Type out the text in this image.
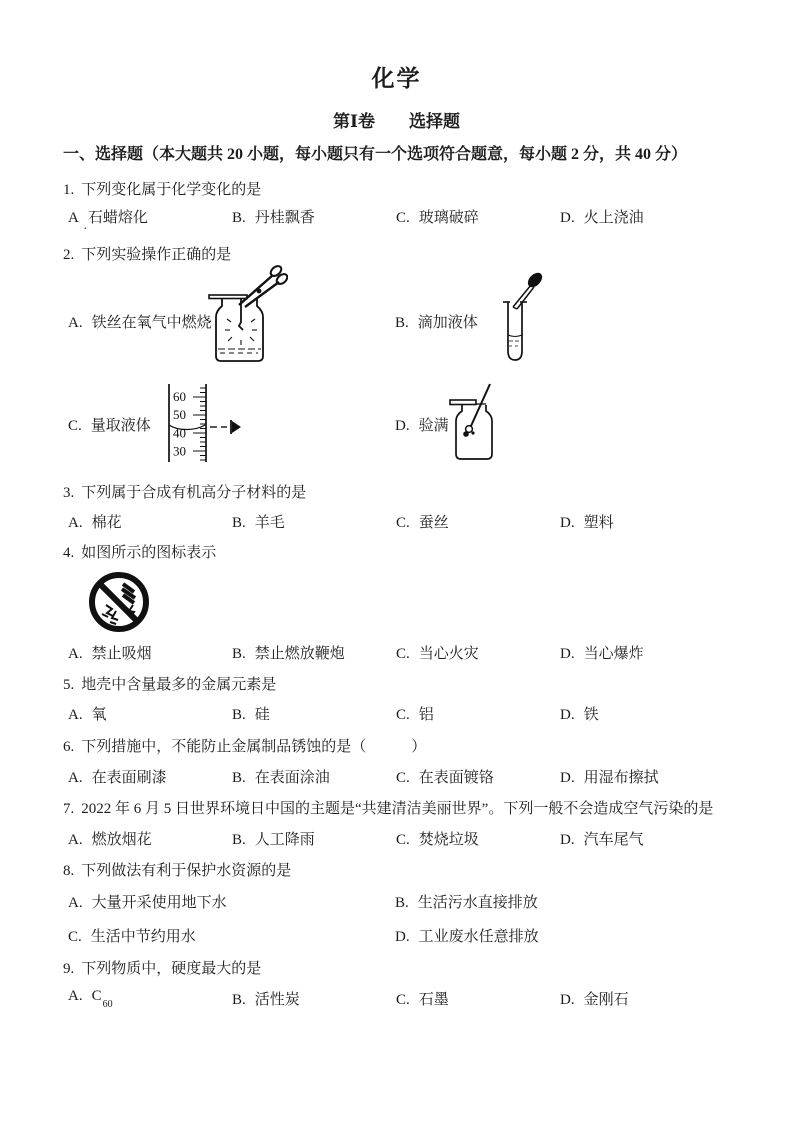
化学
第Ⅰ卷 选择题
一、选择题（本大题共 20 小题，每小题只有一个选项符合题意，每小题 2 分，共 40 分）
1. 下列变化属于化学变化的是
A 石蜡熔化	B. 丹桂飘香	C. 玻璃破碎	D. 火上浇油
·
2. 下列实验操作正确的是
A. 铁丝在氧气中燃烧	B. 滴加液体
C. 量取液体	D. 验满
60
50
40
30
3. 下列属于合成有机高分子材料的是
A. 棉花	B. 羊毛	C. 蚕丝	D. 塑料
4. 如图所示的图标表示
A. 禁止吸烟	B. 禁止燃放鞭炮	C. 当心火灾	D. 当心爆炸
5. 地壳中含量最多的金属元素是
A. 氧	B. 硅	C. 铝	D. 铁
6. 下列措施中，不能防止金属制品锈蚀的是（　　　）
A. 在表面刷漆	B. 在表面涂油	C. 在表面镀铬	D. 用湿布擦拭
7. 2022 年 6 月 5 日世界环境日中国的主题是“共建清洁美丽世界”。下列一般不会造成空气污染的是
A. 燃放烟花	B. 人工降雨	C. 焚烧垃圾	D. 汽车尾气
8. 下列做法有利于保护水资源的是
A. 大量开采使用地下水	B. 生活污水直接排放
C. 生活中节约用水	D. 工业废水任意排放
9. 下列物质中，硬度最大的是
A. $C_{60}$	B. 活性炭	C. 石墨	D. 金刚石
